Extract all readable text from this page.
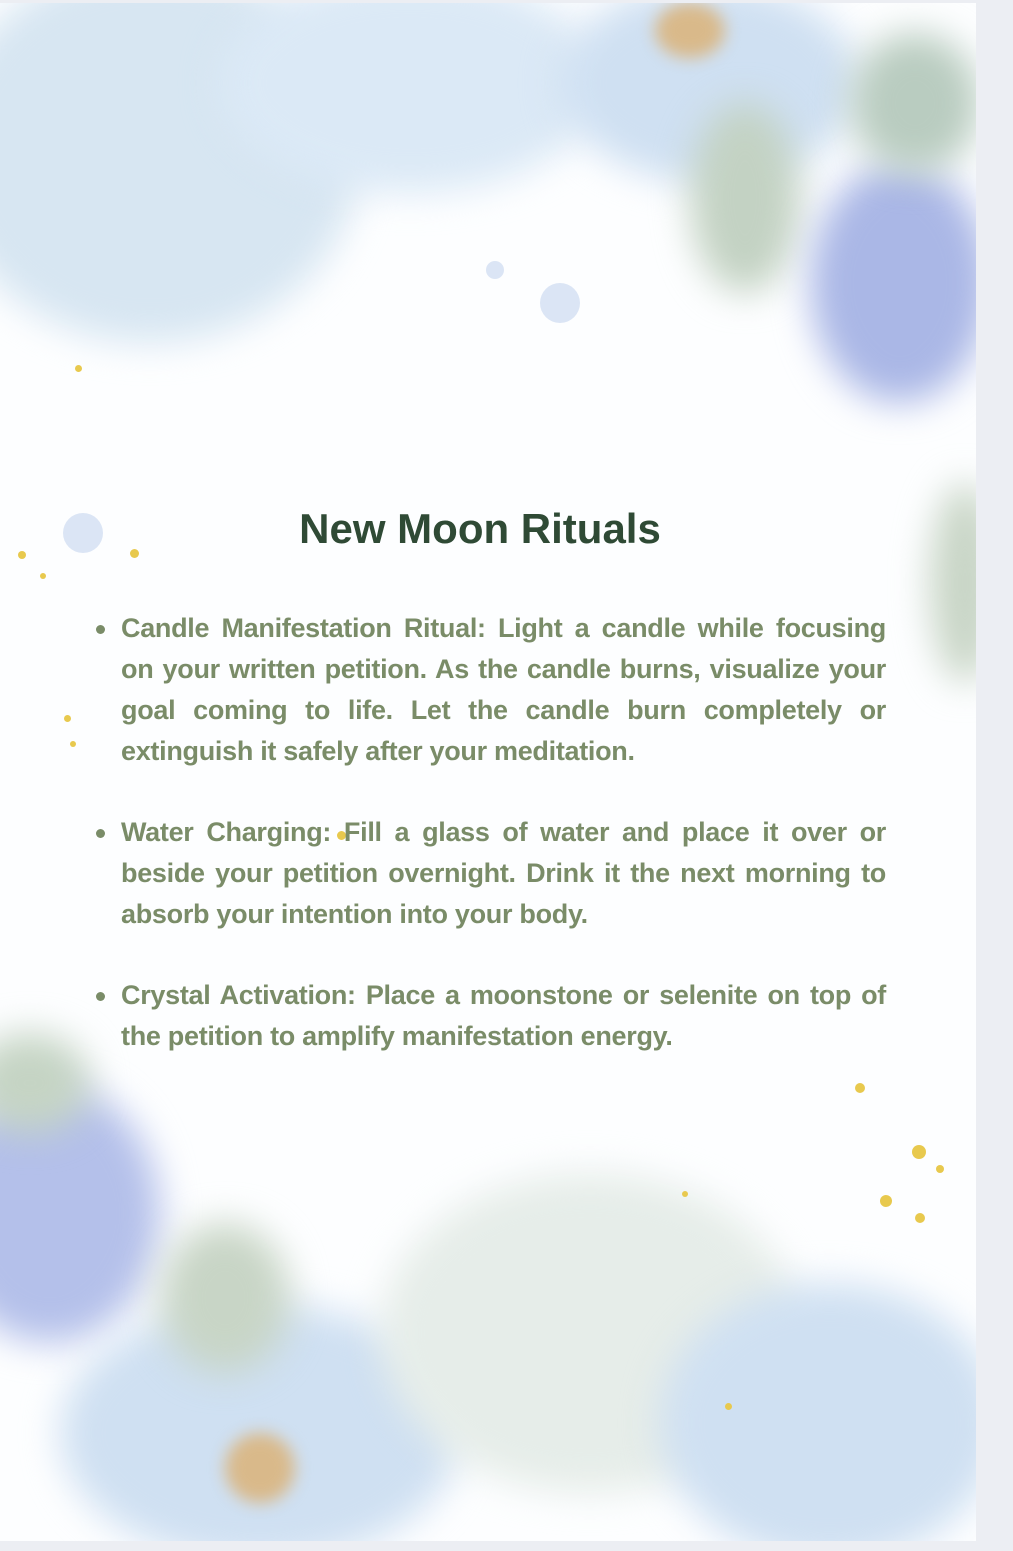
New Moon Rituals
Candle Manifestation Ritual: Light a candle while focusing on your written petition. As the candle burns, visualize your goal coming to life. Let the candle burn completely or extinguish it safely after your meditation.
Water Charging: Fill a glass of water and place it over or beside your petition overnight. Drink it the next morning to absorb your intention into your body.
Crystal Activation: Place a moonstone or selenite on top of the petition to amplify manifestation energy.
